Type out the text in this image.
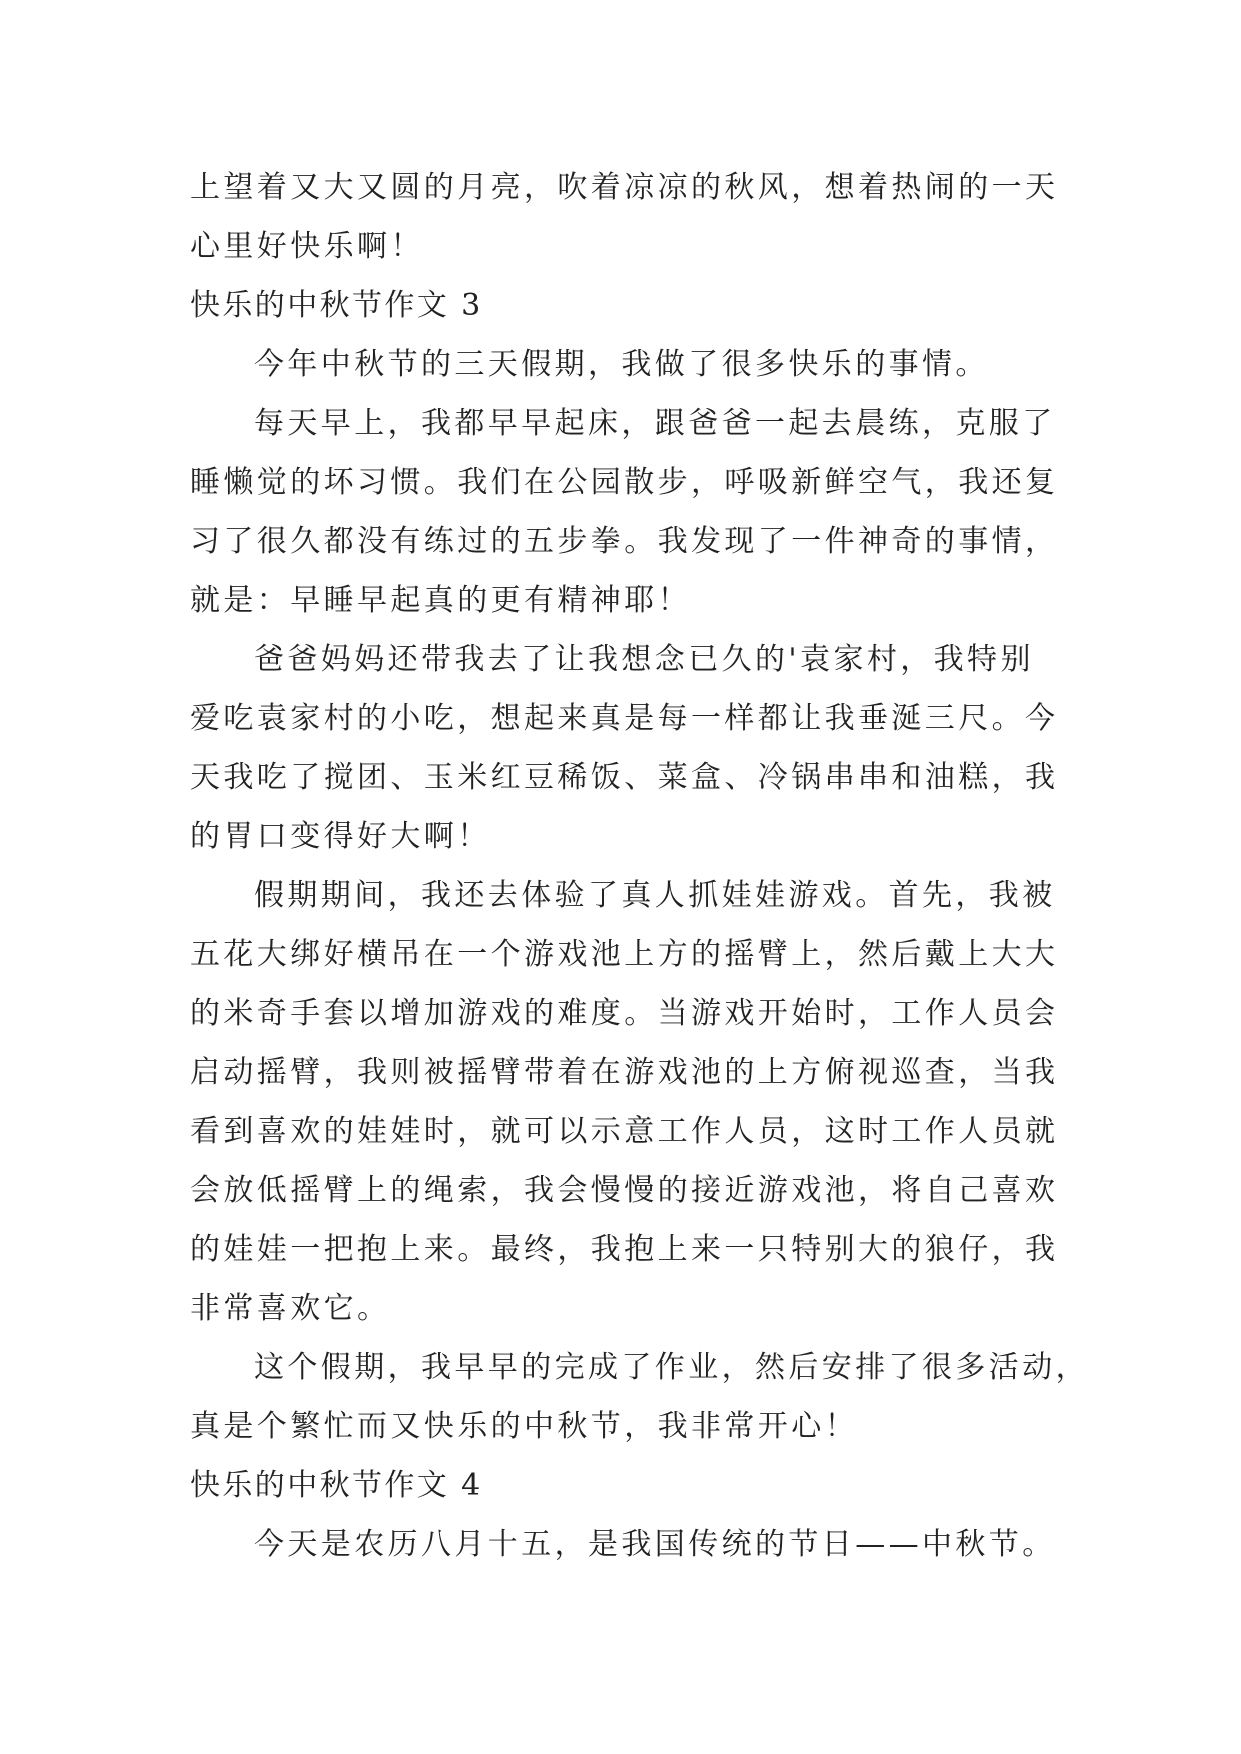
上望着又大又圆的月亮，吹着凉凉的秋风，想着热闹的一天
心里好快乐啊！
快乐的中秋节作文 3
今年中秋节的三天假期，我做了很多快乐的事情。
每天早上，我都早早起床，跟爸爸一起去晨练，克服了
睡懒觉的坏习惯。我们在公园散步，呼吸新鲜空气，我还复
习了很久都没有练过的五步拳。我发现了一件神奇的事情，
就是：早睡早起真的更有精神耶！
爸爸妈妈还带我去了让我想念已久的'袁家村，我特别
爱吃袁家村的小吃，想起来真是每一样都让我垂涎三尺。今
天我吃了搅团、玉米红豆稀饭、菜盒、冷锅串串和油糕，我
的胃口变得好大啊！
假期期间，我还去体验了真人抓娃娃游戏。首先，我被
五花大绑好横吊在一个游戏池上方的摇臂上，然后戴上大大
的米奇手套以增加游戏的难度。当游戏开始时，工作人员会
启动摇臂，我则被摇臂带着在游戏池的上方俯视巡查，当我
看到喜欢的娃娃时，就可以示意工作人员，这时工作人员就
会放低摇臂上的绳索，我会慢慢的接近游戏池，将自己喜欢
的娃娃一把抱上来。最终，我抱上来一只特别大的狼仔，我
非常喜欢它。
这个假期，我早早的完成了作业，然后安排了很多活动，
真是个繁忙而又快乐的中秋节，我非常开心！
快乐的中秋节作文 4
今天是农历八月十五，是我国传统的节日——中秋节。
